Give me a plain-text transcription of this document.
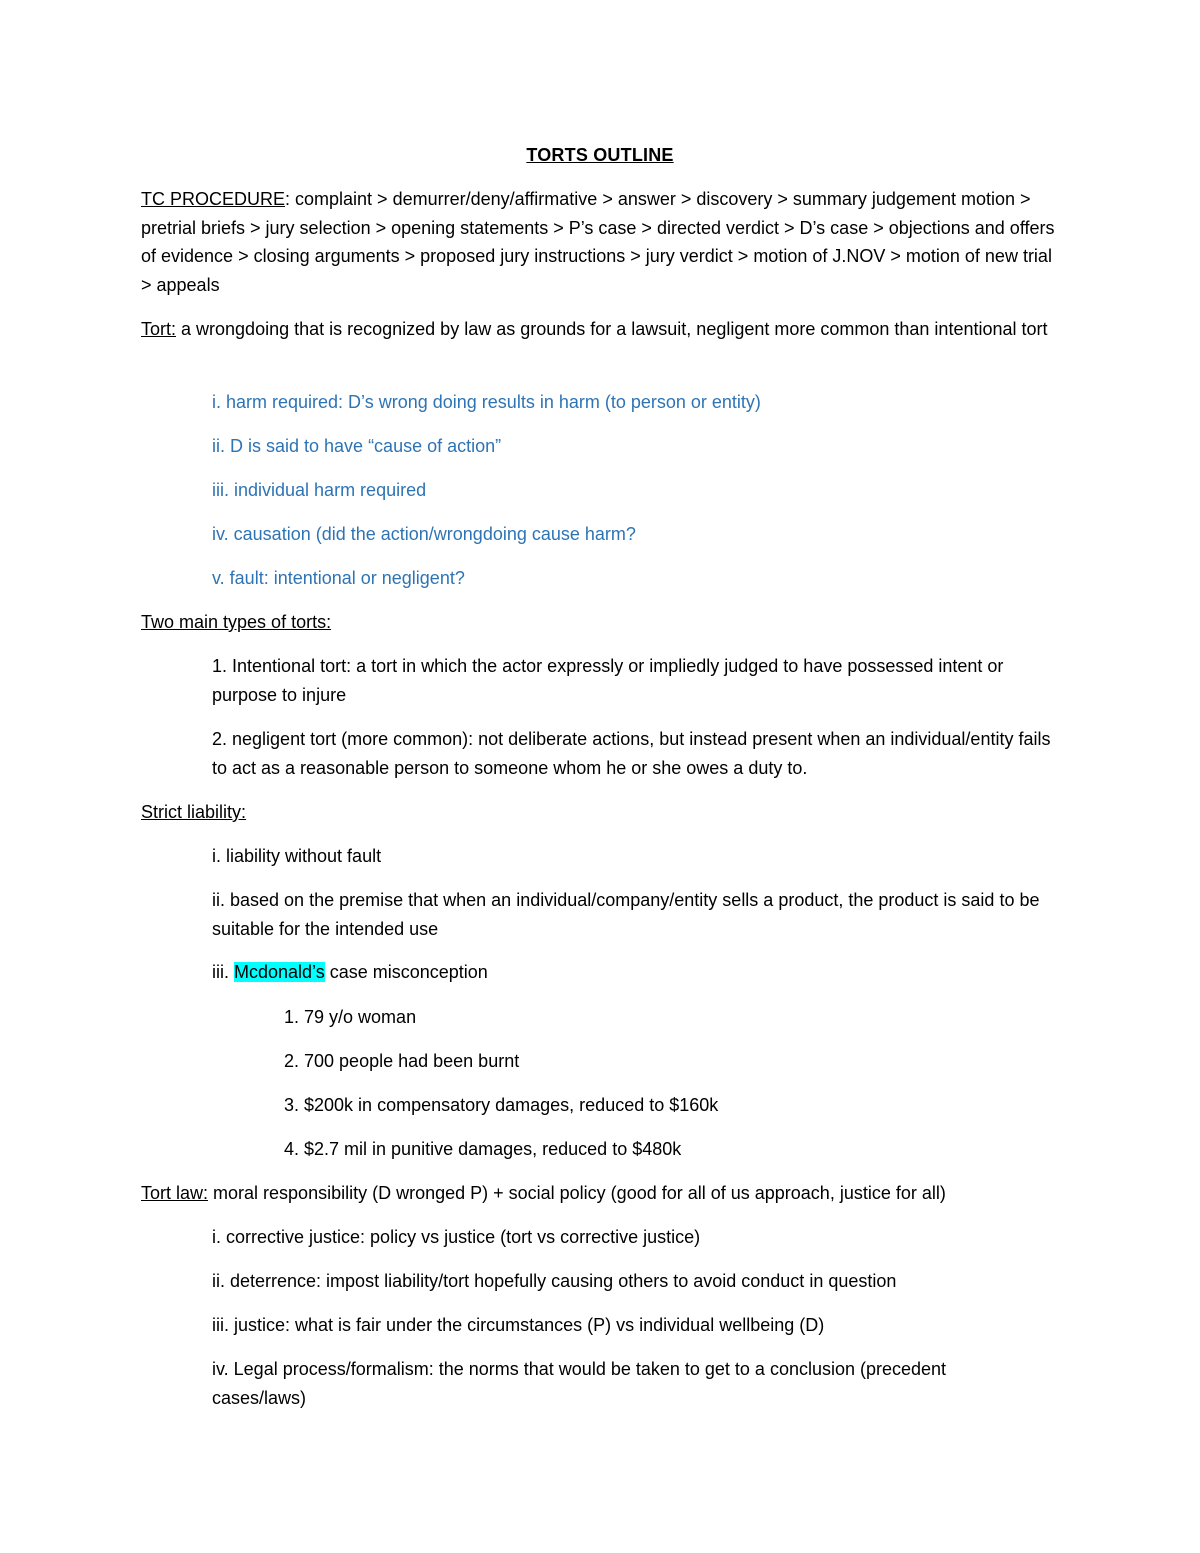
TORTS OUTLINE

TC PROCEDURE: complaint > demurrer/deny/affirmative > answer > discovery > summary judgement motion > pretrial briefs > jury selection > opening statements > P’s case > directed verdict > D’s case > objections and offers of evidence > closing arguments > proposed jury instructions > jury verdict > motion of J.NOV > motion of new trial > appeals

Tort: a wrongdoing that is recognized by law as grounds for a lawsuit, negligent more common than intentional tort

i. harm required: D’s wrong doing results in harm (to person or entity)
ii. D is said to have “cause of action”
iii. individual harm required
iv. causation (did the action/wrongdoing cause harm?
v. fault: intentional or negligent?
Two main types of torts:
1. Intentional tort: a tort in which the actor expressly or impliedly judged to have possessed intent or purpose to injure
2. negligent tort (more common): not deliberate actions, but instead present when an individual/entity fails to act as a reasonable person to someone whom he or she owes a duty to.
Strict liability:
i. liability without fault
ii. based on the premise that when an individual/company/entity sells a product, the product is said to be suitable for the intended use
iii. Mcdonald’s case misconception
1. 79 y/o woman
2. 700 people had been burnt
3. $200k in compensatory damages, reduced to $160k
4. $2.7 mil in punitive damages, reduced to $480k
Tort law: moral responsibility (D wronged P) + social policy (good for all of us approach, justice for all)
i. corrective justice: policy vs justice (tort vs corrective justice)
ii. deterrence: impost liability/tort hopefully causing others to avoid conduct in question
iii. justice: what is fair under the circumstances (P) vs individual wellbeing (D)
iv. Legal process/formalism: the norms that would be taken to get to a conclusion (precedent cases/laws)
